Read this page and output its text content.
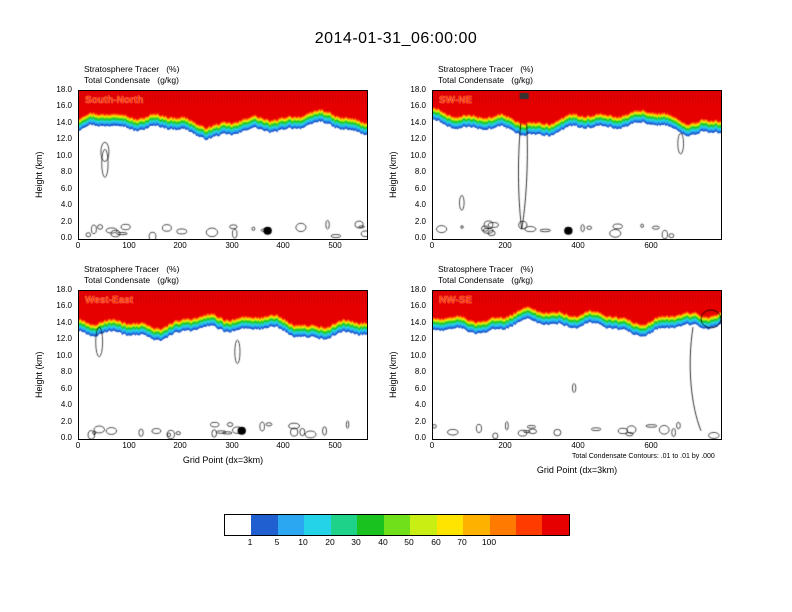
2014-01-31_06:00:00
Stratosphere Tracer   (%)
Total Condensate   (g/kg)
South-North
Height (km)
18.0
16.0
14.0
12.0
10.0
8.0
6.0
4.0
2.0
0.0
0	100	200	300	400	500
Stratosphere Tracer   (%)
Total Condensate   (g/kg)
SW-NE
Height (km)
18.0
16.0
14.0
12.0
10.0
8.0
6.0
4.0
2.0
0.0
0	200	400	600
Stratosphere Tracer   (%)
Total Condensate   (g/kg)
West-East
Height (km)
18.0
16.0
14.0
12.0
10.0
8.0
6.0
4.0
2.0
0.0
0	100	200	300	400	500
Grid Point (dx=3km)
Stratosphere Tracer   (%)
Total Condensate   (g/kg)
NW-SE
Height (km)
18.0
16.0
14.0
12.0
10.0
8.0
6.0
4.0
2.0
0.0
0	200	400	600
Total Condensate Contours: .01 to .01 by .000
Grid Point (dx=3km)
1	5	10	20	30	40	50	60	70	100
